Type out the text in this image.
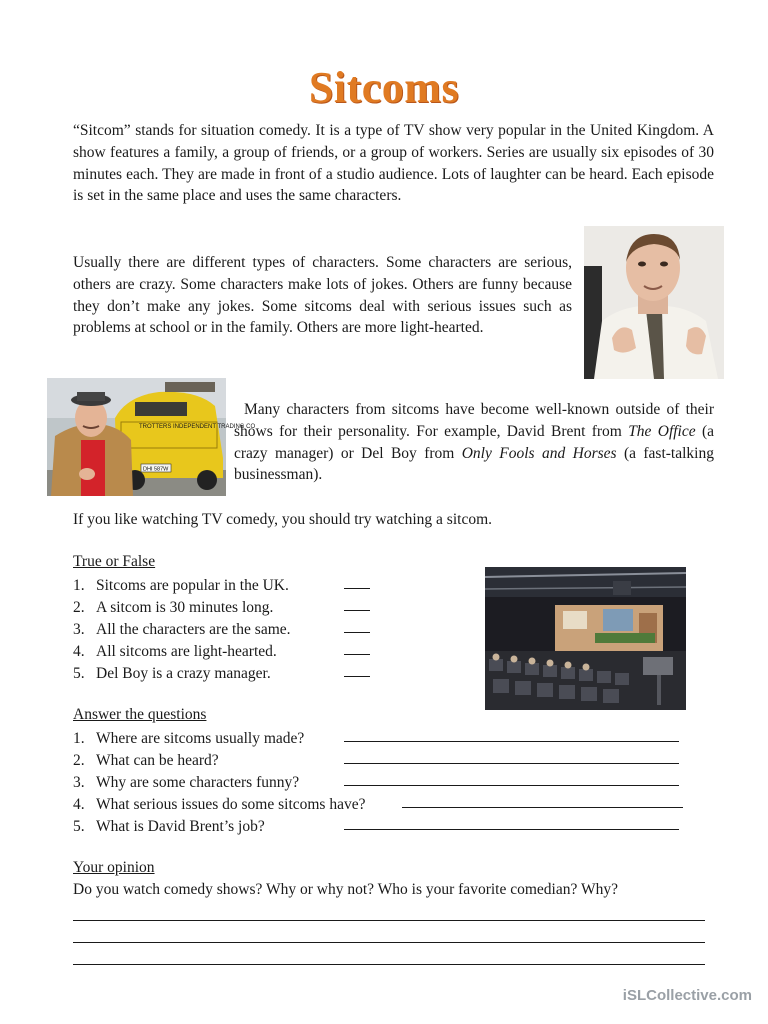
Sitcoms

“Sitcom” stands for situation comedy. It is a type of TV show very popular in the United Kingdom. A show features a family, a group of friends, or a group of workers. Series are usually six episodes of 30 minutes each. They are made in front of a studio audience. Lots of laughter can be heard. Each episode is set in the same place and uses the same characters.

Usually there are different types of characters. Some characters are serious, others are crazy. Some characters make lots of jokes. Others are funny because they don’t make any jokes. Some sitcoms deal with serious issues such as problems at school or in the family. Others are more light-hearted.

TROTTERS INDEPENDENT TRADING CO
DHI 587W

Many characters from sitcoms have become well-known outside of their shows for their personality. For example, David Brent from The Office (a crazy manager) or Del Boy from Only Fools and Horses (a fast-talking businessman).

If you like watching TV comedy, you should try watching a sitcom.

True or False
1. Sitcoms are popular in the UK.
2. A sitcom is 30 minutes long.
3. All the characters are the same.
4. All sitcoms are light-hearted.
5. Del Boy is a crazy manager.
Answer the questions
1. Where are sitcoms usually made?
2. What can be heard?
3. Why are some characters funny?
4. What serious issues do some sitcoms have?
5. What is David Brent’s job?
Your opinion
Do you watch comedy shows? Why or why not? Who is your favorite comedian? Why?
iSLCollective.com
